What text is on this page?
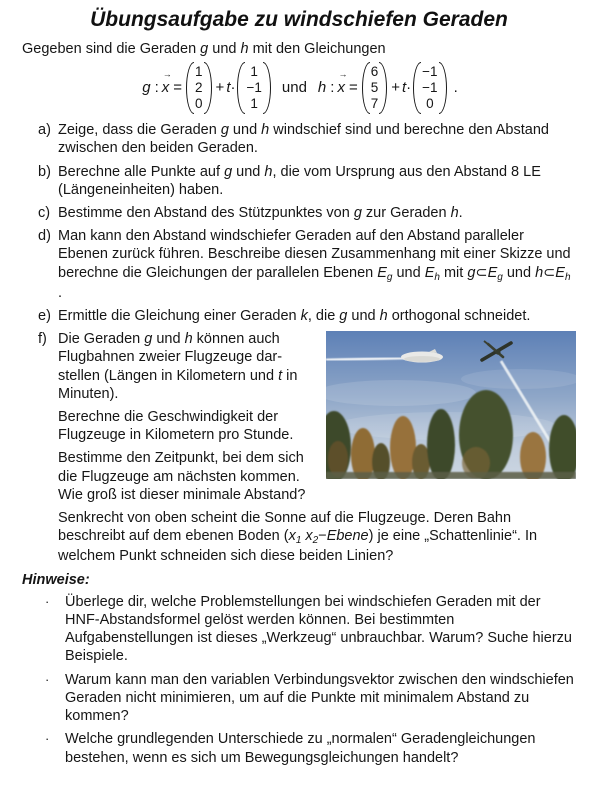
Übungsaufgabe zu windschiefen Geraden

Gegeben sind die Geraden g und h mit den Gleichungen

g : x
→
=
1
2
0
+ t ·
1
−1
1
und h : x
→
=
6
5
7
+ t ·
−1
−1
0
.
a) Zeige, dass die Geraden g und h windschief sind und berechne den Abstand zwischen den beiden Geraden.
b) Berechne alle Punkte auf g und h, die vom Ursprung aus den Abstand 8 LE (Längeneinheiten) haben.
c) Bestimme den Abstand des Stützpunktes von g zur Geraden h.
d) Man kann den Abstand windschiefer Geraden auf den Abstand paralleler Ebenen zurück führen. Beschreibe diesen Zusammenhang mit einer Skizze und berechne die Gleichungen der parallelen Ebenen $E_g$ und $E_h$ mit $g\subset E_g$ und $h\subset E_h$ .
e) Ermittle die Gleichung einer Geraden k, die g und h orthogonal schneidet.
f) Die Geraden g und h können auch Flugbahnen zweier Flugzeuge darstellen (Längen in Kilometern und t in Minuten).

Berechne die Geschwindigkeit der Flugzeuge in Kilometern pro Stunde.

Bestimme den Zeitpunkt, bei dem sich die Flugzeuge am nächsten kommen. Wie groß ist dieser minimale Abstand?

Senkrecht von oben scheint die Sonne auf die Flugzeuge. Deren Bahn beschreibt auf dem ebenen Boden ($x_1$ $x_2-Ebene$) je eine „Schattenlinie“. In welchem Punkt schneiden sich diese beiden Linien?

Hinweise:
·	Überlege dir, welche Problemstellungen bei windschiefen Geraden mit der HNF-Abstandsformel gelöst werden können. Bei bestimmten Aufgabenstellungen ist dieses „Werkzeug“ unbrauchbar. Warum? Suche hierzu Beispiele.
·	Warum kann man den variablen Verbindungsvektor zwischen den windschiefen Geraden nicht minimieren, um auf die Punkte mit minimalem Abstand zu kommen?
·	Welche grundlegenden Unterschiede zu „normalen“ Geradengleichungen bestehen, wenn es sich um Bewegungsgleichungen handelt?
